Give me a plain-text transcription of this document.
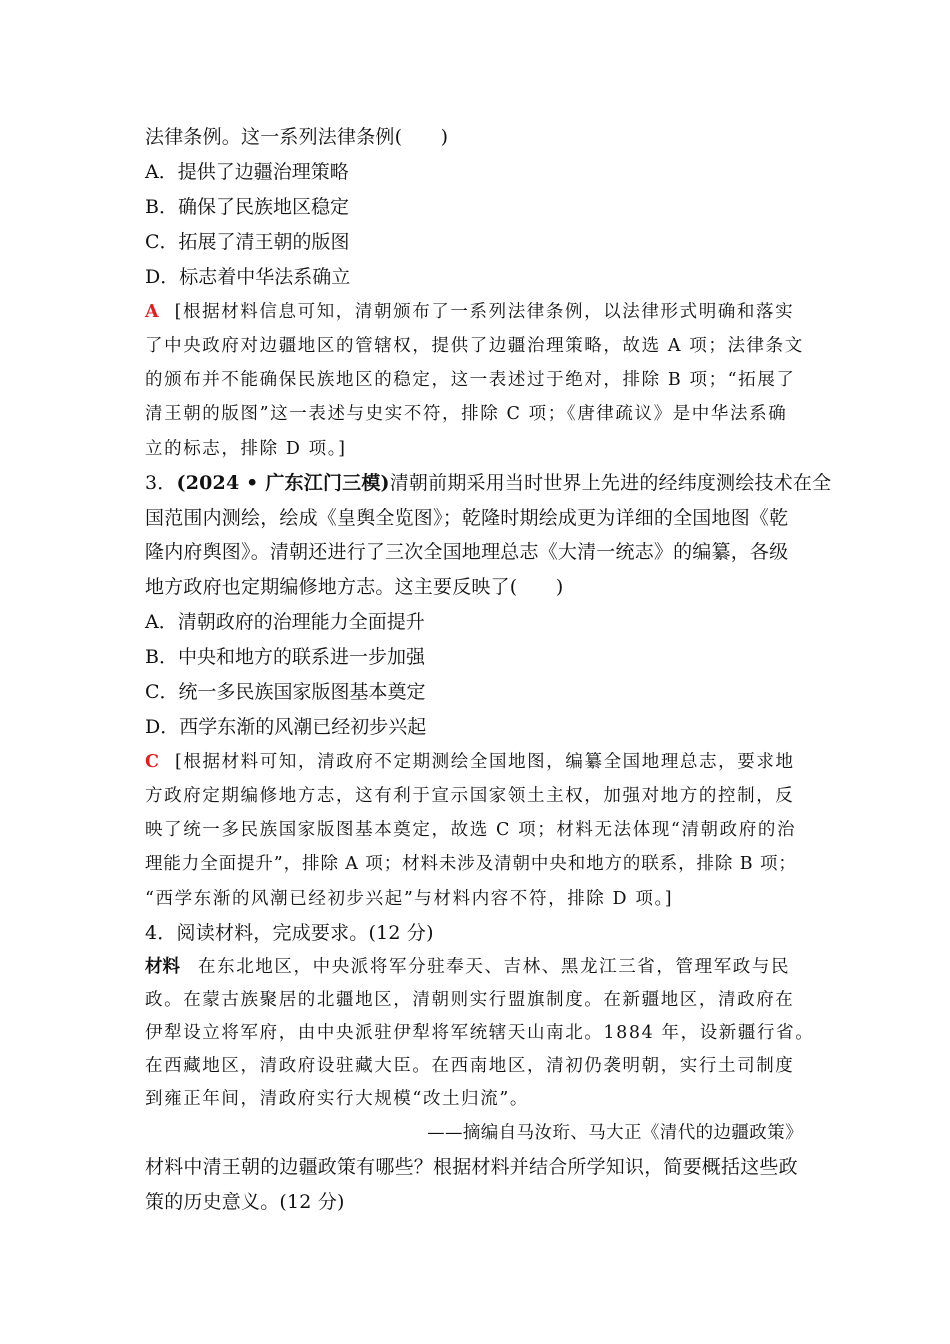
法律条例。这一系列法律条例(　　)
A．提供了边疆治理策略
B．确保了民族地区稳定
C．拓展了清王朝的版图
D．标志着中华法系确立
A [根据材料信息可知，清朝颁布了一系列法律条例，以法律形式明确和落实
了中央政府对边疆地区的管辖权，提供了边疆治理策略，故选 A 项；法律条文
的颁布并不能确保民族地区的稳定，这一表述过于绝对，排除 B 项；“拓展了
清王朝的版图”这一表述与史实不符，排除 C 项；《唐律疏议》是中华法系确
立的标志，排除 D 项。]
3．(2024 • 广东江门三模)清朝前期采用当时世界上先进的经纬度测绘技术在全
国范围内测绘，绘成《皇舆全览图》；乾隆时期绘成更为详细的全国地图《乾
隆内府舆图》。清朝还进行了三次全国地理总志《大清一统志》的编纂，各级
地方政府也定期编修地方志。这主要反映了(　　)
A．清朝政府的治理能力全面提升
B．中央和地方的联系进一步加强
C．统一多民族国家版图基本奠定
D．西学东渐的风潮已经初步兴起
C [根据材料可知，清政府不定期测绘全国地图，编纂全国地理总志，要求地
方政府定期编修地方志，这有利于宣示国家领土主权，加强对地方的控制，反
映了统一多民族国家版图基本奠定，故选 C 项；材料无法体现“清朝政府的治
理能力全面提升”，排除 A 项；材料未涉及清朝中央和地方的联系，排除 B 项；
“西学东渐的风潮已经初步兴起”与材料内容不符，排除 D 项。]
4．阅读材料，完成要求。(12 分)
材料 在东北地区，中央派将军分驻奉天、吉林、黑龙江三省，管理军政与民
政。在蒙古族聚居的北疆地区，清朝则实行盟旗制度。在新疆地区，清政府在
伊犁设立将军府，由中央派驻伊犁将军统辖天山南北。1884 年，设新疆行省。
在西藏地区，清政府设驻藏大臣。在西南地区，清初仍袭明朝，实行土司制度
到雍正年间，清政府实行大规模“改土归流”。
——摘编自马汝珩、马大正《清代的边疆政策》
材料中清王朝的边疆政策有哪些？根据材料并结合所学知识，简要概括这些政
策的历史意义。(12 分)
